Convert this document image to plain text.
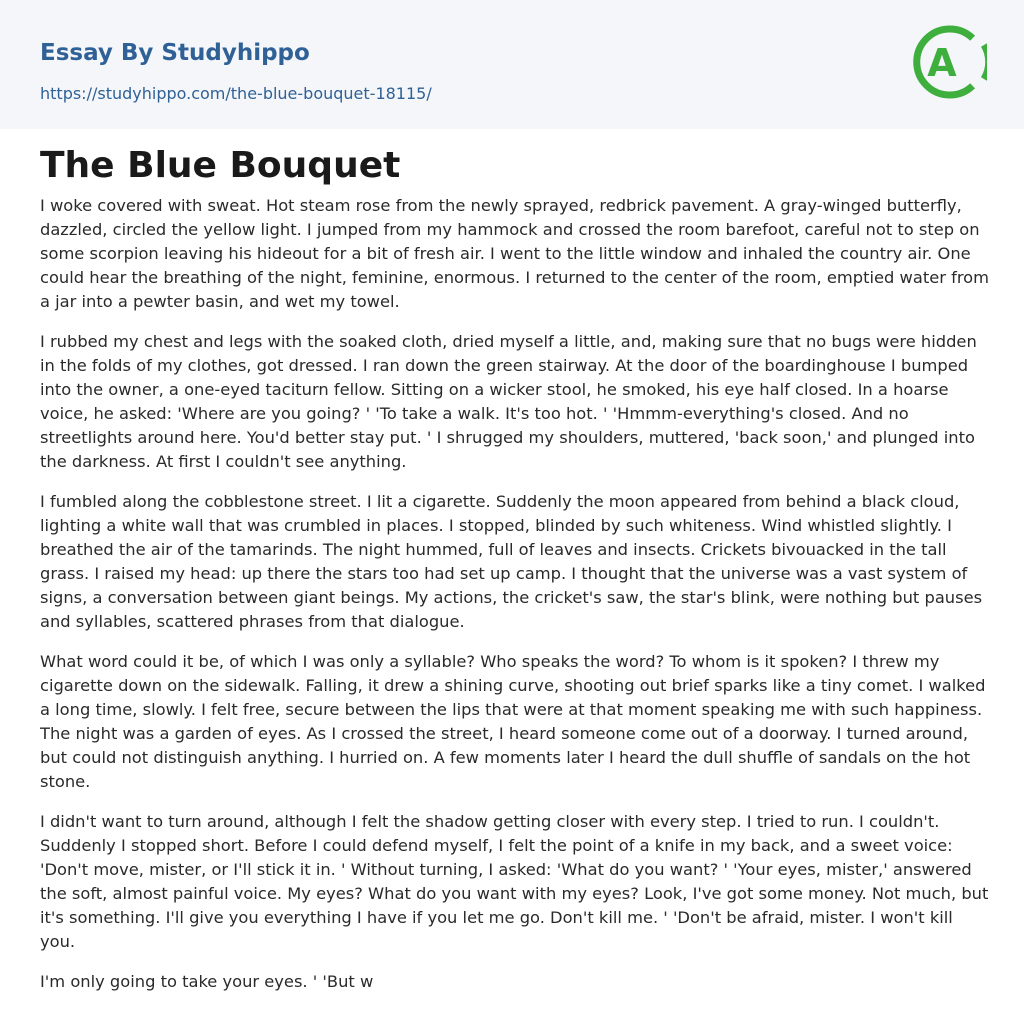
Essay By Studyhippo
https://studyhippo.com/the-blue-bouquet-18115/
A
The Blue Bouquet

I woke covered with sweat. Hot steam rose from the newly sprayed, redbrick pavement. A gray-winged butterfly, dazzled, circled the yellow light. I jumped from my hammock and crossed the room barefoot, careful not to step on some scorpion leaving his hideout for a bit of fresh air. I went to the little window and inhaled the country air. One could hear the breathing of the night, feminine, enormous. I returned to the center of the room, emptied water from a jar into a pewter basin, and wet my towel.

I rubbed my chest and legs with the soaked cloth, dried myself a little, and, making sure that no bugs were hidden in the folds of my clothes, got dressed. I ran down the green stairway. At the door of the boardinghouse I bumped into the owner, a one-eyed taciturn fellow. Sitting on a wicker stool, he smoked, his eye half closed. In a hoarse voice, he asked: 'Where are you going? ' 'To take a walk. It's too hot. ' 'Hmmm-everything's closed. And no streetlights around here. You'd better stay put. ' I shrugged my shoulders, muttered, 'back soon,' and plunged into the darkness. At first I couldn't see anything.

I fumbled along the cobblestone street. I lit a cigarette. Suddenly the moon appeared from behind a black cloud, lighting a white wall that was crumbled in places. I stopped, blinded by such whiteness. Wind whistled slightly. I breathed the air of the tamarinds. The night hummed, full of leaves and insects. Crickets bivouacked in the tall grass. I raised my head: up there the stars too had set up camp. I thought that the universe was a vast system of signs, a conversation between giant beings. My actions, the cricket's saw, the star's blink, were nothing but pauses and syllables, scattered phrases from that dialogue.

What word could it be, of which I was only a syllable? Who speaks the word? To whom is it spoken? I threw my cigarette down on the sidewalk. Falling, it drew a shining curve, shooting out brief sparks like a tiny comet. I walked a long time, slowly. I felt free, secure between the lips that were at that moment speaking me with such happiness. The night was a garden of eyes. As I crossed the street, I heard someone come out of a doorway. I turned around, but could not distinguish anything. I hurried on. A few moments later I heard the dull shuffle of sandals on the hot stone.

I didn't want to turn around, although I felt the shadow getting closer with every step. I tried to run. I couldn't. Suddenly I stopped short. Before I could defend myself, I felt the point of a knife in my back, and a sweet voice: 'Don't move, mister, or I'll stick it in. ' Without turning, I asked: 'What do you want? ' 'Your eyes, mister,' answered the soft, almost painful voice. My eyes? What do you want with my eyes? Look, I've got some money. Not much, but it's something. I'll give you everything I have if you let me go. Don't kill me. ' 'Don't be afraid, mister. I won't kill you.

I'm only going to take your eyes. ' 'But w
